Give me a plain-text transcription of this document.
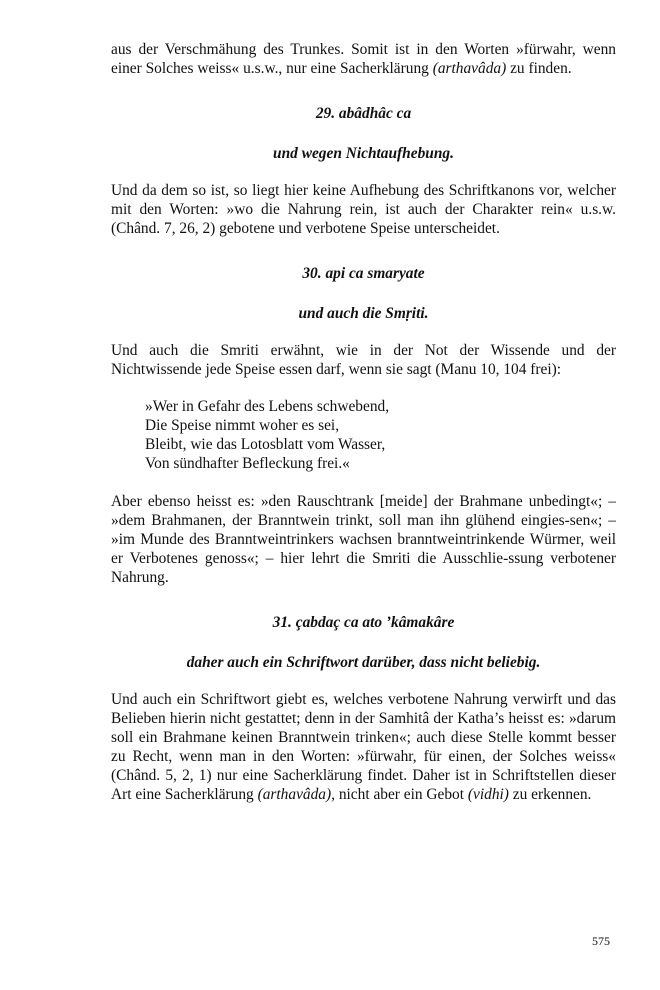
aus der Verschmähung des Trunkes. Somit ist in den Worten »fürwahr, wenn einer Solches weiss« u.s.w., nur eine Sacherklärung (arthavâda) zu finden.

29. abâdhâc ca
und wegen Nichtaufhebung.

Und da dem so ist, so liegt hier keine Aufhebung des Schriftkanons vor, welcher mit den Worten: »wo die Nahrung rein, ist auch der Charakter rein« u.s.w. (Chând. 7, 26, 2) gebotene und verbotene Speise unterscheidet.

30. api ca smaryate
und auch die Smṛiti.

Und auch die Smriti erwähnt, wie in der Not der Wissende und der Nichtwissende jede Speise essen darf, wenn sie sagt (Manu 10, 104 frei):

»Wer in Gefahr des Lebens schwebend,
Die Speise nimmt woher es sei,
Bleibt, wie das Lotosblatt vom Wasser,
Von sündhafter Befleckung frei.«

Aber ebenso heisst es: »den Rauschtrank [meide] der Brahmane unbedingt«; – »dem Brahmanen, der Branntwein trinkt, soll man ihn glühend eingies-sen«; – »im Munde des Branntweintrinkers wachsen branntweintrinkende Würmer, weil er Verbotenes genoss«; – hier lehrt die Smriti die Ausschlie-ssung verbotener Nahrung.

31. çabdaç ca ato ’kâmakâre
daher auch ein Schriftwort darüber, dass nicht beliebig.

Und auch ein Schriftwort giebt es, welches verbotene Nahrung verwirft und das Belieben hierin nicht gestattet; denn in der Samhitâ der Katha’s heisst es: »darum soll ein Brahmane keinen Branntwein trinken«; auch diese Stelle kommt besser zu Recht, wenn man in den Worten: »fürwahr, für einen, der Solches weiss« (Chând. 5, 2, 1) nur eine Sacherklärung findet. Daher ist in Schriftstellen dieser Art eine Sacherklärung (arthavâda), nicht aber ein Gebot (vidhi) zu erkennen.

575
